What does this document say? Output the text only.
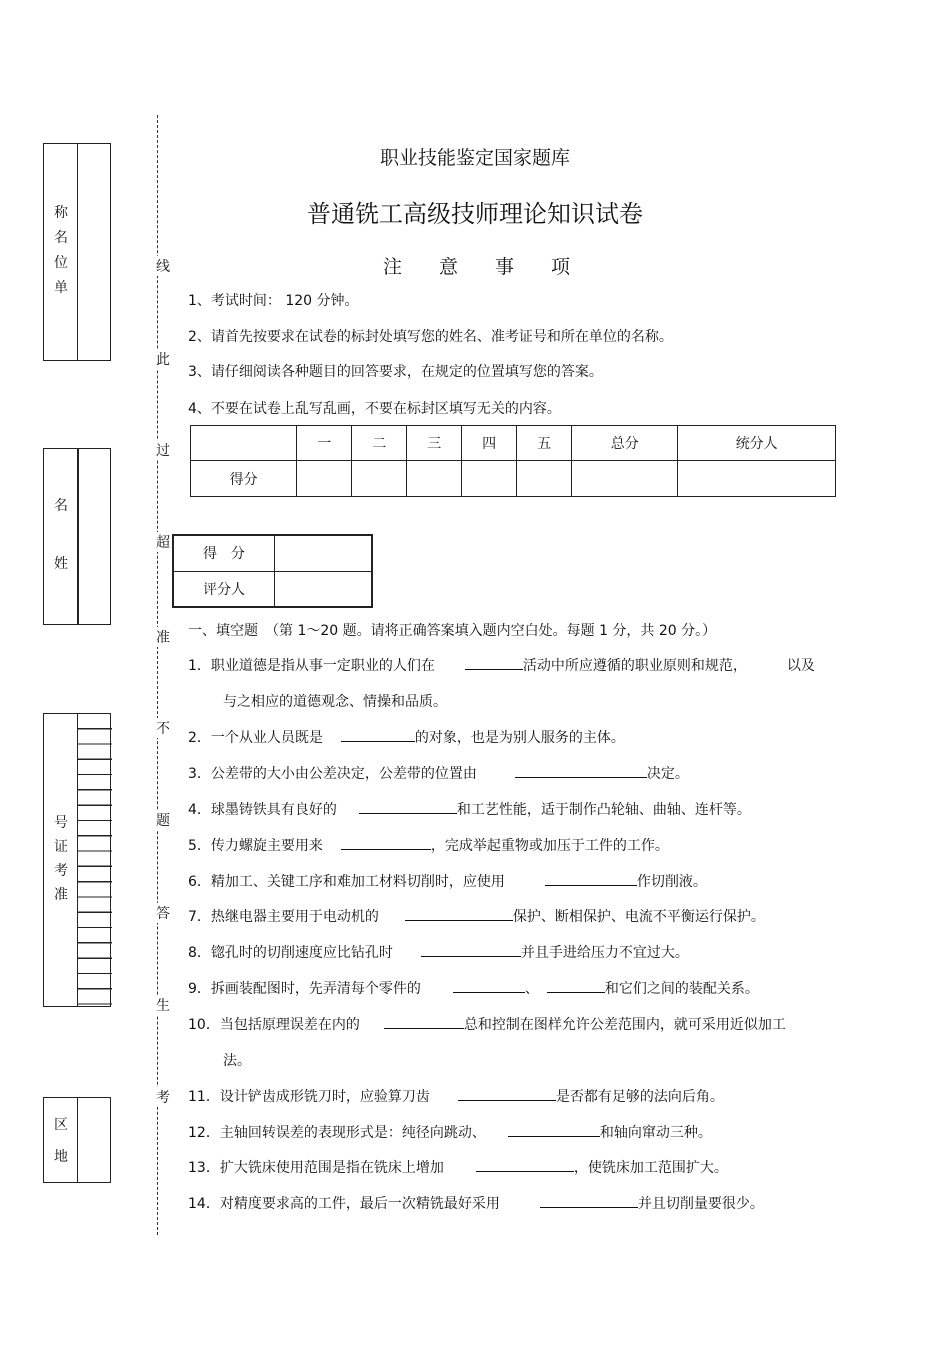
称
名
位
单
名
姓
号
证
考
准
区
地
线
此
过
超
准
不
题
答
生
考
职业技能鉴定国家题库
普通铣工高级技师理论知识试卷
注 意 事 项
1、考试时间： 120 分钟。
2、请首先按要求在试卷的标封处填写您的姓名、准考证号和所在单位的名称。
3、请仔细阅读各种题目的回答要求，在规定的位置填写您的答案。
4、不要在试卷上乱写乱画，不要在标封区填写无关的内容。
	一	二	三	四	五	总分	统分人
得分							
得　分	
评分人	
一、填空题　（第 1～20 题。请将正确答案填入题内空白处。每题 1 分，共 20 分。）
1．职业道德是指从事一定职业的人们在	活动中所应遵循的职业原则和规范，	以及
与之相应的道德观念、情操和品质。
2．一个从业人员既是	的对象，也是为别人服务的主体。
3．公差带的大小由公差决定，公差带的位置由	决定。
4．球墨铸铁具有良好的	和工艺性能，适于制作凸轮轴、曲轴、连杆等。
5．传力螺旋主要用来	，完成举起重物或加压于工件的工作。
6．精加工、关键工序和难加工材料切削时，应使用	作切削液。
7．热继电器主要用于电动机的	保护、断相保护、电流不平衡运行保护。
8．锪孔时的切削速度应比钻孔时	并且手进给压力不宜过大。
9．拆画装配图时，先弄清每个零件的	、	和它们之间的装配关系。
10．当包括原理误差在内的	总和控制在图样允许公差范围内，就可采用近似加工
法。
11．设计铲齿成形铣刀时，应验算刀齿	是否都有足够的法向后角。
12．主轴回转误差的表现形式是：纯径向跳动、	和轴向窜动三种。
13．扩大铣床使用范围是指在铣床上增加	，使铣床加工范围扩大。
14．对精度要求高的工件，最后一次精铣最好采用	并且切削量要很少。
